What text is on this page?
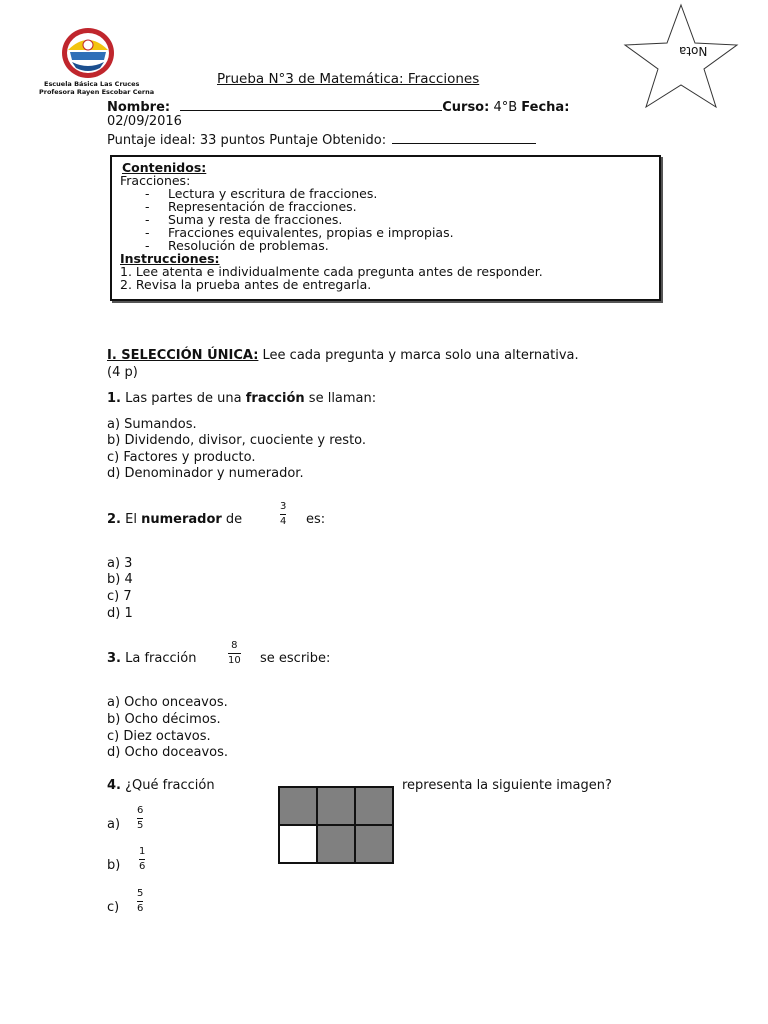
Escuela Básica Las Cruces
Profesora Rayen Escobar Cerna
Nota
Prueba N°3 de Matemática: Fracciones
Nombre:	Curso: 4°B Fecha:
02/09/2016
Puntaje ideal: 33 puntos Puntaje Obtenido:
Contenidos:
Fracciones:
- Lectura y escritura de fracciones.
- Representación de fracciones.
- Suma y resta de fracciones.
- Fracciones equivalentes, propias e impropias.
- Resolución de problemas.
Instrucciones:
1. Lee atenta e individualmente cada pregunta antes de responder.
2. Revisa la prueba antes de entregarla.
I. SELECCIÓN ÚNICA: Lee cada pregunta y marca solo una alternativa.
(4 p)
1. Las partes de una fracción se llaman:
a) Sumandos.
b) Dividendo, divisor, cuociente y resto.
c) Factores y producto.
d) Denominador y numerador.
2. El numerador de
3
4 es:
a) 3
b) 4
c) 7
d) 1
3. La fracción
8
10 se escribe:
a) Ocho onceavos.
b) Ocho décimos.
c) Diez octavos.
d) Ocho doceavos.
4. ¿Qué fracción	representa la siguiente imagen?
a)
6
5
b)
1
6
c)
5
6
